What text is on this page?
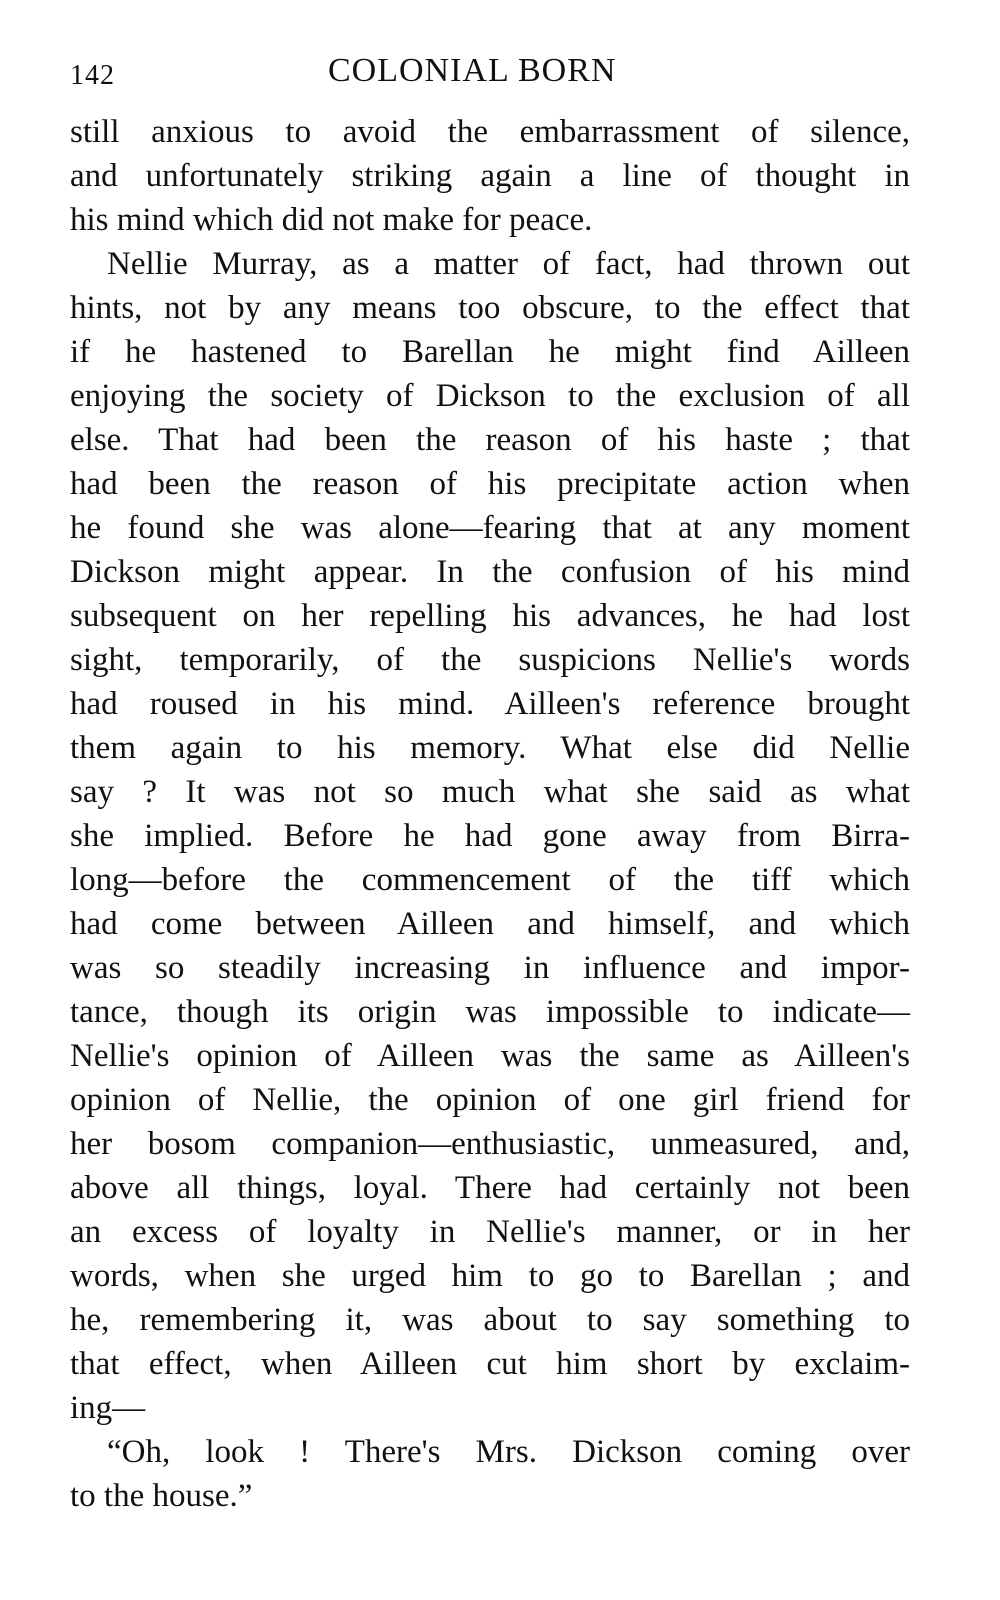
142	COLONIAL BORN
still anxious to avoid the embarrassment of silence,
and unfortunately striking again a line of thought in
his mind which did not make for peace.
Nellie Murray, as a matter of fact, had thrown out
hints, not by any means too obscure, to the effect that
if he hastened to Barellan he might find Ailleen
enjoying the society of Dickson to the exclusion of all
else. That had been the reason of his haste ; that
had been the reason of his precipitate action when
he found she was alone—fearing that at any moment
Dickson might appear. In the confusion of his mind
subsequent on her repelling his advances, he had lost
sight, temporarily, of the suspicions Nellie's words
had roused in his mind. Ailleen's reference brought
them again to his memory. What else did Nellie
say ? It was not so much what she said as what
she implied. Before he had gone away from Birra-
long—before the commencement of the tiff which
had come between Ailleen and himself, and which
was so steadily increasing in influence and impor-
tance, though its origin was impossible to indicate—
Nellie's opinion of Ailleen was the same as Ailleen's
opinion of Nellie, the opinion of one girl friend for
her bosom companion—enthusiastic, unmeasured, and,
above all things, loyal. There had certainly not been
an excess of loyalty in Nellie's manner, or in her
words, when she urged him to go to Barellan ; and
he, remembering it, was about to say something to
that effect, when Ailleen cut him short by exclaim-
ing—
“Oh, look ! There's Mrs. Dickson coming over
to the house.”
